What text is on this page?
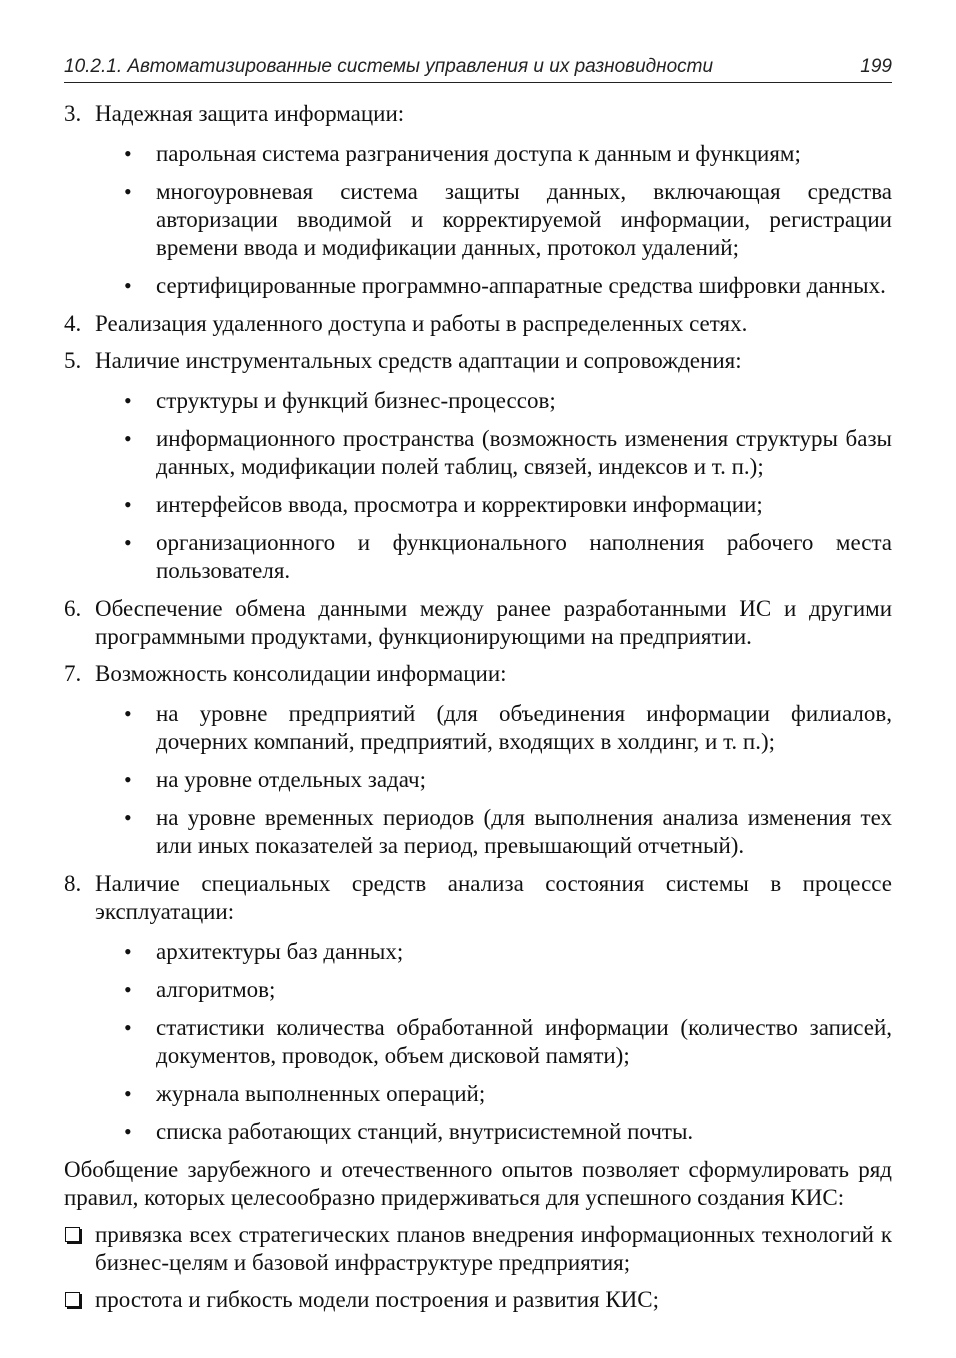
10.2.1. Автоматизированные системы управления и их разновидности	199
3. Надежная защита информации:
• парольная система разграничения доступа к данным и функциям;
• многоуровневая система защиты данных, включающая средства авторизации вводимой и корректируемой информации, регистрации времени ввода и модификации данных, протокол удалений;
• сертифицированные программно-аппаратные средства шифровки данных.
4. Реализация удаленного доступа и работы в распределенных сетях.
5. Наличие инструментальных средств адаптации и сопровождения:
• структуры и функций бизнес-процессов;
• информационного пространства (возможность изменения структуры базы данных, модификации полей таблиц, связей, индексов и т. п.);
• интерфейсов ввода, просмотра и корректировки информации;
• организационного и функционального наполнения рабочего места пользователя.
6. Обеспечение обмена данными между ранее разработанными ИС и другими программными продуктами, функционирующими на предприятии.
7. Возможность консолидации информации:
• на уровне предприятий (для объединения информации филиалов, дочерних компаний, предприятий, входящих в холдинг, и т. п.);
• на уровне отдельных задач;
• на уровне временных периодов (для выполнения анализа изменения тех или иных показателей за период, превышающий отчетный).
8. Наличие специальных средств анализа состояния системы в процессе эксплуатации:
• архитектуры баз данных;
• алгоритмов;
• статистики количества обработанной информации (количество записей, документов, проводок, объем дисковой памяти);
• журнала выполненных операций;
• списка работающих станций, внутрисистемной почты.
Обобщение зарубежного и отечественного опытов позволяет сформулировать ряд правил, которых целесообразно придерживаться для успешного создания КИС:
привязка всех стратегических планов внедрения информационных технологий к бизнес-целям и базовой инфраструктуре предприятия;
простота и гибкость модели построения и развития КИС;
